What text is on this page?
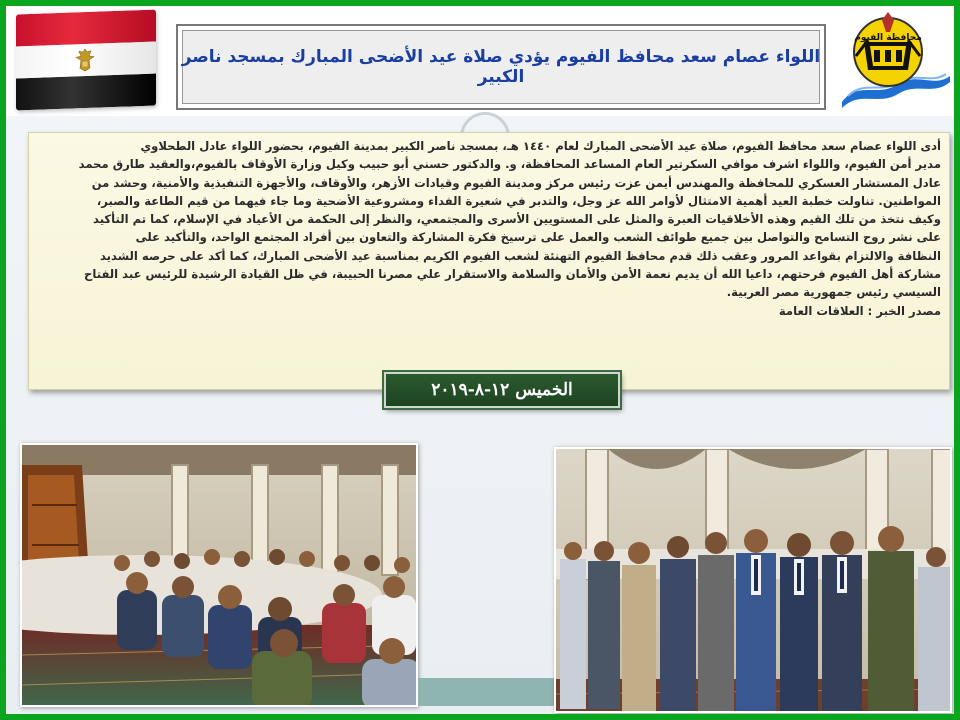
اللواء عصام سعد محافظ الفيوم يؤدي صلاة عيد الأضحى المبارك بمسجد ناصر الكبير
محافظة الفيوم
أدى اللواء عصام سعد محافظ الفيوم، صلاة عيد الأضحى المبارك لعام ١٤٤٠ هـ، بمسجد ناصر الكبير بمدينة الفيوم، بحضور اللواء عادل الطحلاوي
مدير أمن الفيوم، واللواء اشرف موافي السكرتير العام المساعد المحافظة، و. والدكتور حسني أبو حبيب وكيل وزارة الأوقاف بالفيوم،والعقيد طارق محمد
عادل المستشار العسكري للمحافظة والمهندس أيمن عزت رئيس مركز ومدينة الفيوم وقيادات الأزهر، والأوقاف، والأجهزة التنفيذية والأمنية، وحشد من
المواطنين. تناولت خطبة العيد أهمية الامتثال لأوامر الله عز وجل، والتدبر في شعيرة الفداء ومشروعية الأضحية وما جاء فيهما من قيم الطاعة والصبر،
وكيف نتخذ من تلك القيم وهذه الأخلاقيات العبرة والمثل على المستويين الأسرى والمجتمعي، والنظر إلى الحكمة من الأعياد في الإسلام، كما تم التأكيد
على نشر روح التسامح والتواصل بين جميع طوائف الشعب والعمل على ترسيخ فكرة المشاركة والتعاون بين أفراد المجتمع الواحد، والتأكيد على
النظافة والالتزام بقواعد المرور وعقب ذلك قدم محافظ الفيوم التهنئة لشعب الفيوم الكريم بمناسبة عيد الأضحى المبارك، كما أكد على حرصه الشديد
مشاركة أهل الفيوم فرحتهم، داعيا الله أن يديم نعمة الأمن والأمان والسلامة والاستقرار علي مصرنا الحبيبة، في ظل القيادة الرشيدة للرئيس عبد الفتاح
السيسي رئيس جمهورية مصر العربية.
مصدر الخبر : العلاقات العامة
الخميس ١٢-٨-٢٠١٩
